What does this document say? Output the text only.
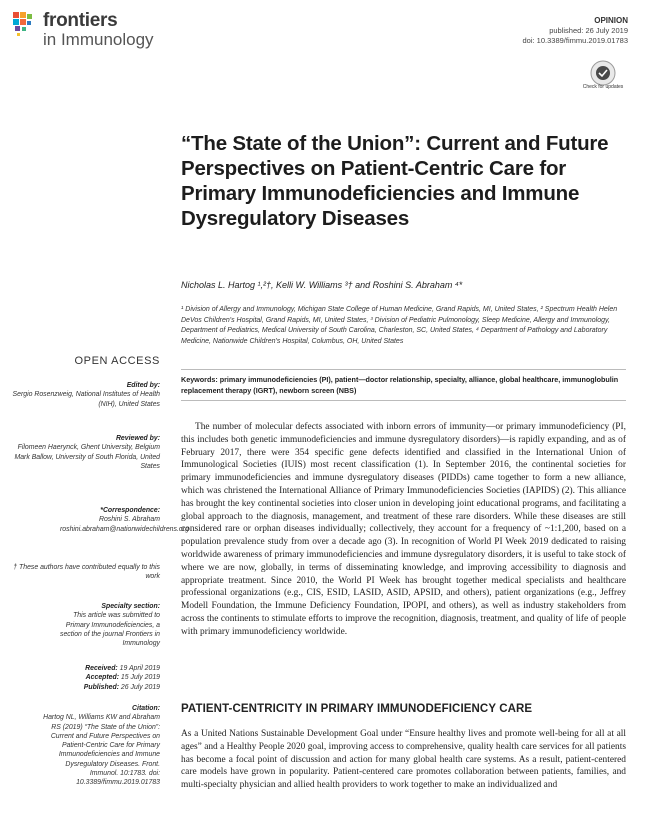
frontiers
in Immunology
OPINION
published: 26 July 2019
doi: 10.3389/fimmu.2019.01783
Check for updates
“The State of the Union”: Current and Future Perspectives on Patient-Centric Care for Primary Immunodeficiencies and Immune Dysregulatory Diseases
Nicholas L. Hartog ¹,²†, Kelli W. Williams ³† and Roshini S. Abraham ⁴*
¹ Division of Allergy and Immunology, Michigan State College of Human Medicine, Grand Rapids, MI, United States, ² Spectrum Health Helen DeVos Children's Hospital, Grand Rapids, MI, United States, ³ Division of Pediatric Pulmonology, Sleep Medicine, Allergy and Immunology, Department of Pediatrics, Medical University of South Carolina, Charleston, SC, United States, ⁴ Department of Pathology and Laboratory Medicine, Nationwide Children's Hospital, Columbus, OH, United States
Keywords: primary immunodeficiencies (PI), patient—doctor relationship, specialty, alliance, global healthcare, immunoglobulin replacement therapy (IGRT), newborn screen (NBS)
OPEN ACCESS
Edited by:
Sergio Rosenzweig, National Institutes of Health (NIH), United States
Reviewed by:
Filomeen Haerynck, Ghent University, Belgium
Mark Ballow, University of South Florida, United States
*Correspondence:
Roshini S. Abraham
roshini.abraham@nationwidechildrens.org
† These authors have contributed equally to this work
Specialty section:
This article was submitted to Primary Immunodeficiencies, a section of the journal Frontiers in Immunology
Received: 19 April 2019
Accepted: 15 July 2019
Published: 26 July 2019
Citation:
Hartog NL, Williams KW and Abraham RS (2019) “The State of the Union”: Current and Future Perspectives on Patient-Centric Care for Primary Immunodeficiencies and Immune Dysregulatory Diseases. Front. Immunol. 10:1783. doi: 10.3389/fimmu.2019.01783

The number of molecular defects associated with inborn errors of immunity—or primary immunodeficiency (PI, this includes both genetic immunodeficiencies and immune dysregulatory disorders)—is rapidly expanding, and as of February 2017, there were 354 specific gene defects identified and classified in the International Union of Immunological Societies (IUIS) most recent classification (1). In September 2016, the continental societies for primary immunodeficiencies and immune dysregulatory diseases (PIDDs) came together to form a new alliance, which was christened the International Alliance of Primary Immunodeficiencies Societies (IAPIDS) (2). This alliance has brought the key continental societies into closer union in developing joint educational programs, and facilitating a global approach to the diagnosis, management, and treatment of these rare disorders. While these diseases are still considered rare or orphan diseases individually; collectively, they account for a frequency of ~1:1,200, based on a population prevalence study from over a decade ago (3). In recognition of World PI Week 2019 dedicated to raising worldwide awareness of primary immunodeficiencies and immune dysregulatory disorders, it is useful to take stock of where we are now, globally, in terms of disseminating knowledge, and improving accessibility to diagnosis and appropriate treatment. Since 2010, the World PI Week has brought together medical specialists and healthcare professional organizations (e.g., CIS, ESID, LASID, ASID, APSID, and others), patient organizations (e.g., Jeffrey Modell Foundation, the Immune Deficiency Foundation, IPOPI, and others), as well as industry stakeholders from across the continents to stimulate efforts to improve the recognition, diagnosis, treatment, and quality of life of people with primary immunodeficiency worldwide.

PATIENT-CENTRICITY IN PRIMARY IMMUNODEFICIENCY CARE

As a United Nations Sustainable Development Goal under “Ensure healthy lives and promote well-being for all at all ages” and a Healthy People 2020 goal, improving access to comprehensive, quality health care services for all patients has become a focal point of discussion and action for many global health care systems. As a result, patient-centered care models have grown in popularity. Patient-centered care promotes collaboration between patients, families, and multi-specialty physician and allied health providers to work together to make an individualized and
